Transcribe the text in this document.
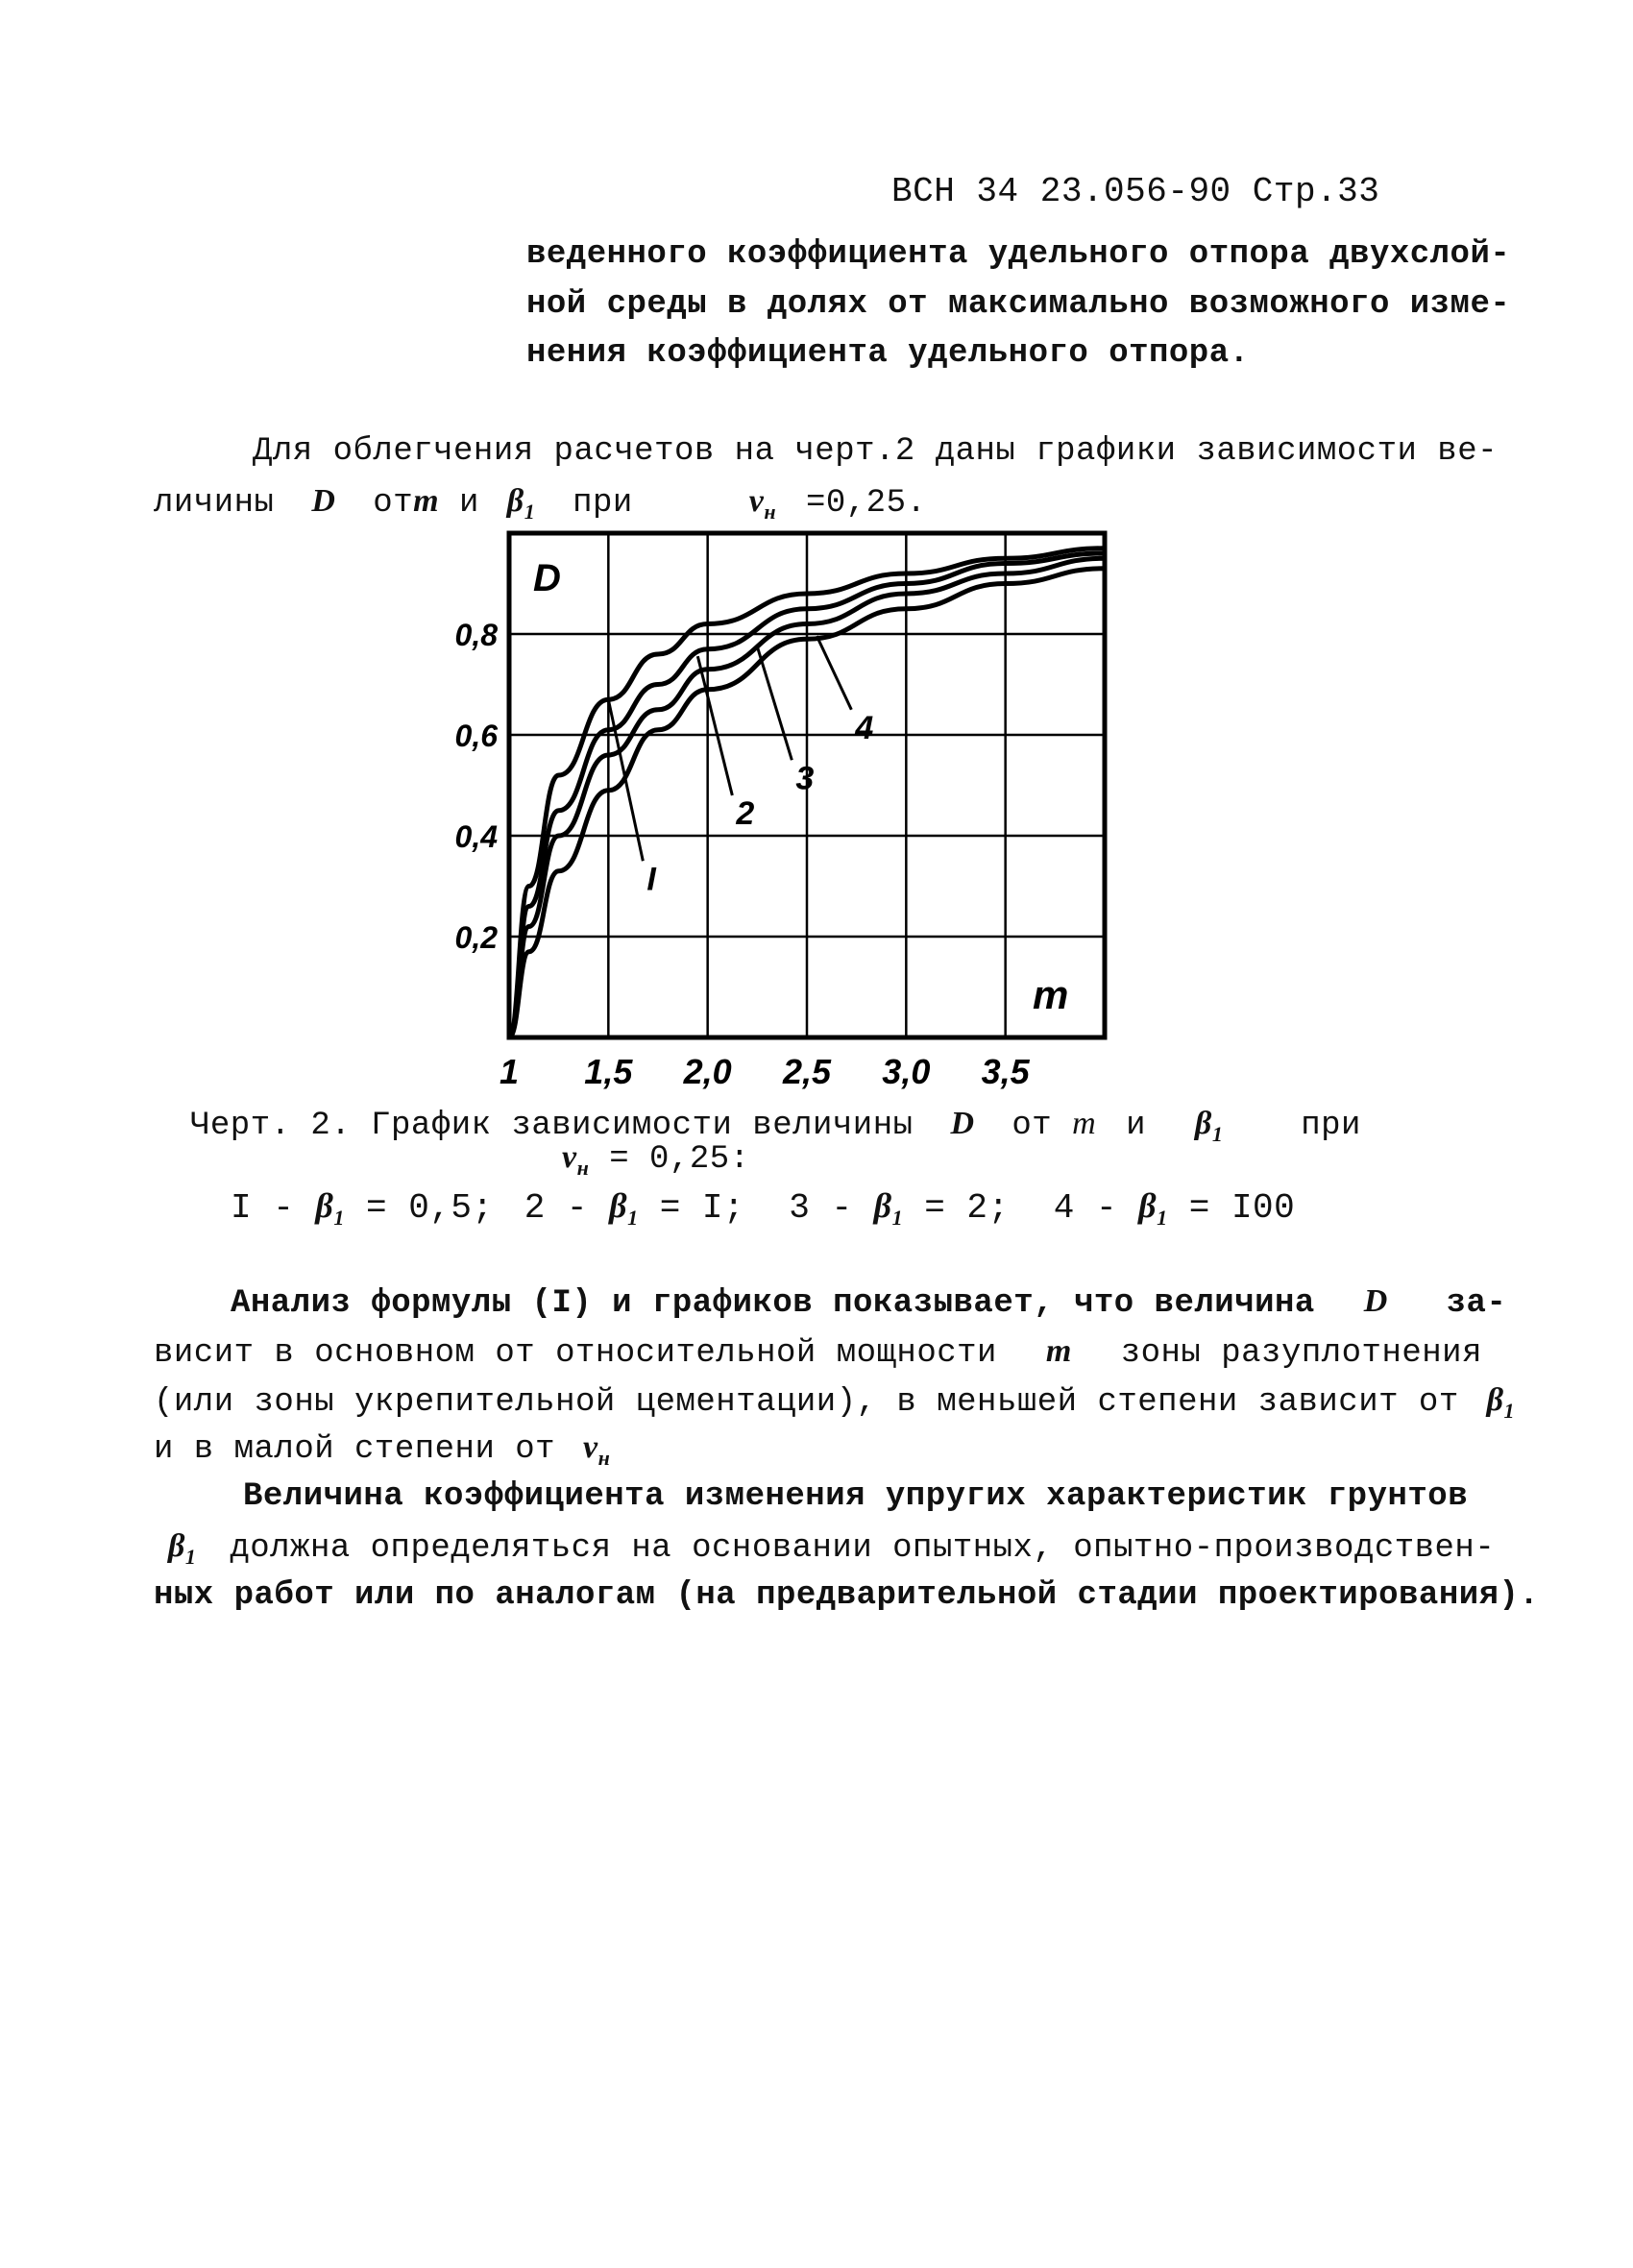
ВСН 34 23.056-90 Стр.33
веденного коэффициента удельного отпора двухслой-
ной среды в долях от максимально возможного изме-
нения коэффициента удельного отпора.
Для облегчения расчетов на черт.2 даны графики зависимости ве-
личины D отm и $\beta_1$ при	$\nu_н =0,25$.
1 1,5 2,0 2,5 3,0 3,5
0,2
0,4
0,6
0,8
I
2
3
4
D
m
Черт. 2. График зависимости величины D от m и $\beta_1$ при
$\nu_н = 0,25$:
$I - \beta_1 = 0,5$; $2 - \beta_1 = I$; $3 - \beta_1 = 2$; $4 - \beta_1 = I00$
Анализ формулы (I) и графиков показывает, что величина D за-
висит в основном от относительной мощности m зоны разуплотнения
(или зоны укрепительной цементации), в меньшей степени зависит от $\beta_1$
и в малой степени от $\nu_н$
Величина коэффициента изменения упругих характеристик грунтов
$\beta_1$ должна определяться на основании опытных, опытно-производствен-
ных работ или по аналогам (на предварительной стадии проектирования).
